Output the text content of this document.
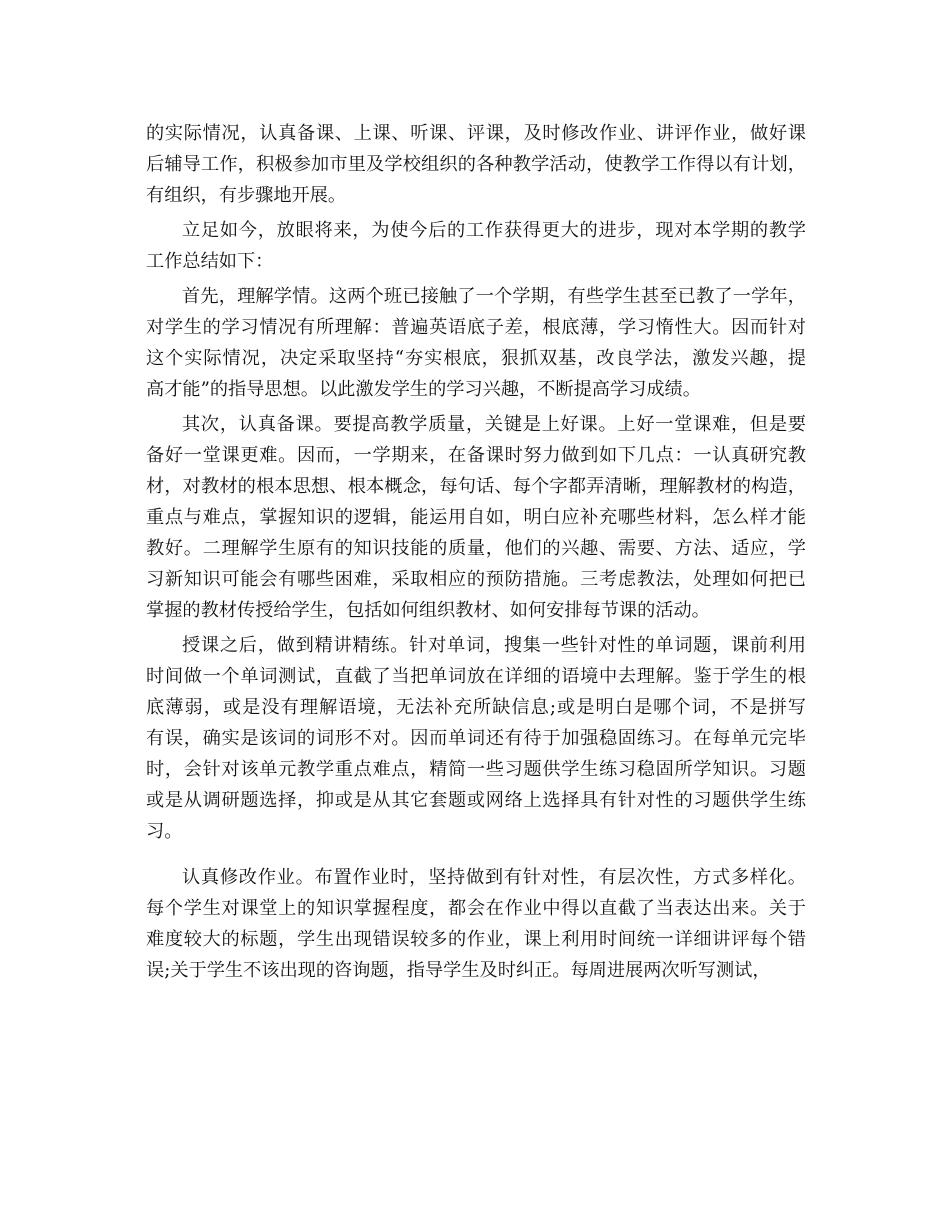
的实际情况，认真备课、上课、听课、评课，及时修改作业、讲评作业，做好课

后辅导工作，积极参加市里及学校组织的各种教学活动，使教学工作得以有计划，

有组织，有步骤地开展。

立足如今，放眼将来，为使今后的工作获得更大的进步，现对本学期的教学

工作总结如下：

首先，理解学情。这两个班已接触了一个学期，有些学生甚至已教了一学年，

对学生的学习情况有所理解：普遍英语底子差，根底薄，学习惰性大。因而针对

这个实际情况，决定采取坚持“夯实根底，狠抓双基，改良学法，激发兴趣，提

高才能”的指导思想。以此激发学生的学习兴趣，不断提高学习成绩。

其次，认真备课。要提高教学质量，关键是上好课。上好一堂课难，但是要

备好一堂课更难。因而，一学期来，在备课时努力做到如下几点：一认真研究教

材，对教材的根本思想、根本概念，每句话、每个字都弄清晰，理解教材的构造，

重点与难点，掌握知识的逻辑，能运用自如，明白应补充哪些材料，怎么样才能

教好。二理解学生原有的知识技能的质量，他们的兴趣、需要、方法、适应，学

习新知识可能会有哪些困难，采取相应的预防措施。三考虑教法，处理如何把已

掌握的教材传授给学生，包括如何组织教材、如何安排每节课的活动。

授课之后，做到精讲精练。针对单词，搜集一些针对性的单词题，课前利用

时间做一个单词测试，直截了当把单词放在详细的语境中去理解。鉴于学生的根

底薄弱，或是没有理解语境，无法补充所缺信息;或是明白是哪个词，不是拼写

有误，确实是该词的词形不对。因而单词还有待于加强稳固练习。在每单元完毕

时，会针对该单元教学重点难点，精简一些习题供学生练习稳固所学知识。习题

或是从调研题选择，抑或是从其它套题或网络上选择具有针对性的习题供学生练

习。

认真修改作业。布置作业时，坚持做到有针对性，有层次性，方式多样化。

每个学生对课堂上的知识掌握程度，都会在作业中得以直截了当表达出来。关于

难度较大的标题，学生出现错误较多的作业，课上利用时间统一详细讲评每个错

误;关于学生不该出现的咨询题，指导学生及时纠正。每周进展两次听写测试，
